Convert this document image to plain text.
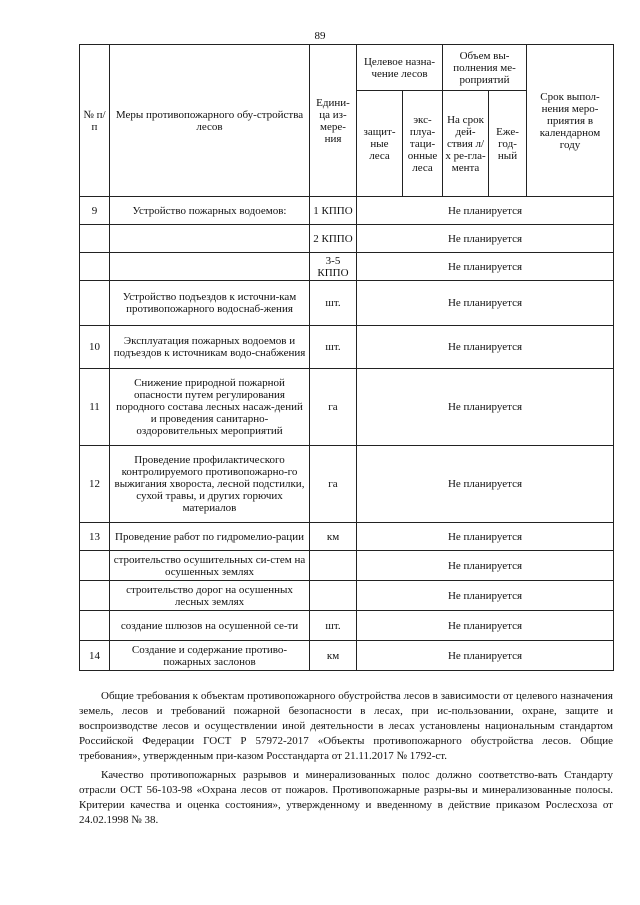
89
№ п/п	Меры противопожарного обу-стройства лесов	Едини-ца из-мере-ния	Целевое назна-чение лесов		Объем вы-полнения ме-роприятий		Срок выпол-нения меро-приятия в календарном году
			защит-ные леса	экс-плуа-таци-онные леса	На срок дей-ствия л/х ре-гла-мента	Еже-год-ный	
9	Устройство пожарных водоемов:	1 КППО	Не планируется				
		2 КППО	Не планируется				
		3-5 КППО	Не планируется				
	Устройство подъездов к источни-кам противопожарного водоснаб-жения	шт.	Не планируется				
10	Эксплуатация пожарных водоемов и подъездов к источникам водо-снабжения	шт.	Не планируется				
11	Снижение природной пожарной опасности путем регулирования породного состава лесных насаж-дений и проведения санитарно-оздоровительных мероприятий	га	Не планируется				
12	Проведение профилактического контролируемого противопожарно-го выжигания хвороста, лесной подстилки, сухой травы, и других горючих материалов	га	Не планируется				
13	Проведение работ по гидромелио-рации	км	Не планируется				
	строительство осушительных си-стем на осушенных землях		Не планируется				
	строительство дорог на осушенных лесных землях		Не планируется				
	создание шлюзов на осушенной се-ти	шт.	Не планируется				
14	Создание и содержание противо-пожарных заслонов	км	Не планируется				

Общие требования к объектам противопожарного обустройства лесов в зависимости от целевого назначения земель, лесов и требований пожарной безопасности в лесах, при ис-пользовании, охране, защите и воспроизводстве лесов и осуществлении иной деятельности в лесах установлены национальным стандартом Российской Федерации ГОСТ Р 57972-2017 «Объекты противопожарного обустройства лесов. Общие требования», утвержденным при-казом Росстандарта от 21.11.2017 № 1792-ст.

Качество противопожарных разрывов и минерализованных полос должно соответство-вать Стандарту отрасли ОСТ 56-103-98 «Охрана лесов от пожаров. Противопожарные разры-вы и минерализованные полосы. Критерии качества и оценка состояния», утвержденному и введенному в действие приказом Рослесхоза от 24.02.1998 № 38.
